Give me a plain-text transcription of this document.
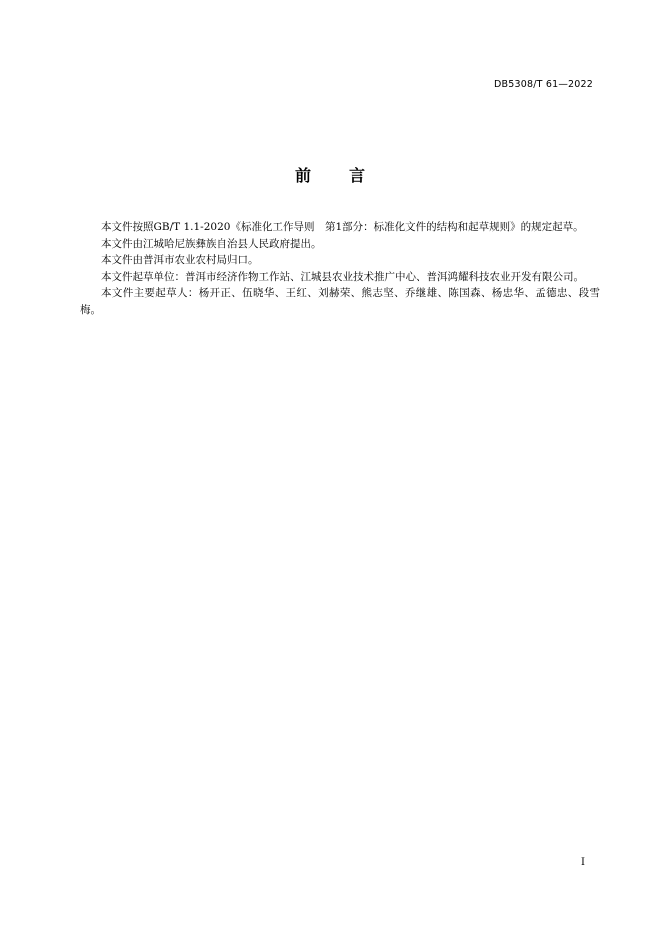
DB5308/T 61—2022
前 言

本文件按照GB/T 1.1-2020《标准化工作导则　第1部分：标准化文件的结构和起草规则》的规定起草。

本文件由江城哈尼族彝族自治县人民政府提出。

本文件由普洱市农业农村局归口。

本文件起草单位：普洱市经济作物工作站、江城县农业技术推广中心、普洱鸿耀科技农业开发有限公司。

本文件主要起草人：杨开正、伍晓华、王红、刘赫荣、熊志坚、乔继雄、陈国森、杨忠华、孟德忠、段雪梅。

I
